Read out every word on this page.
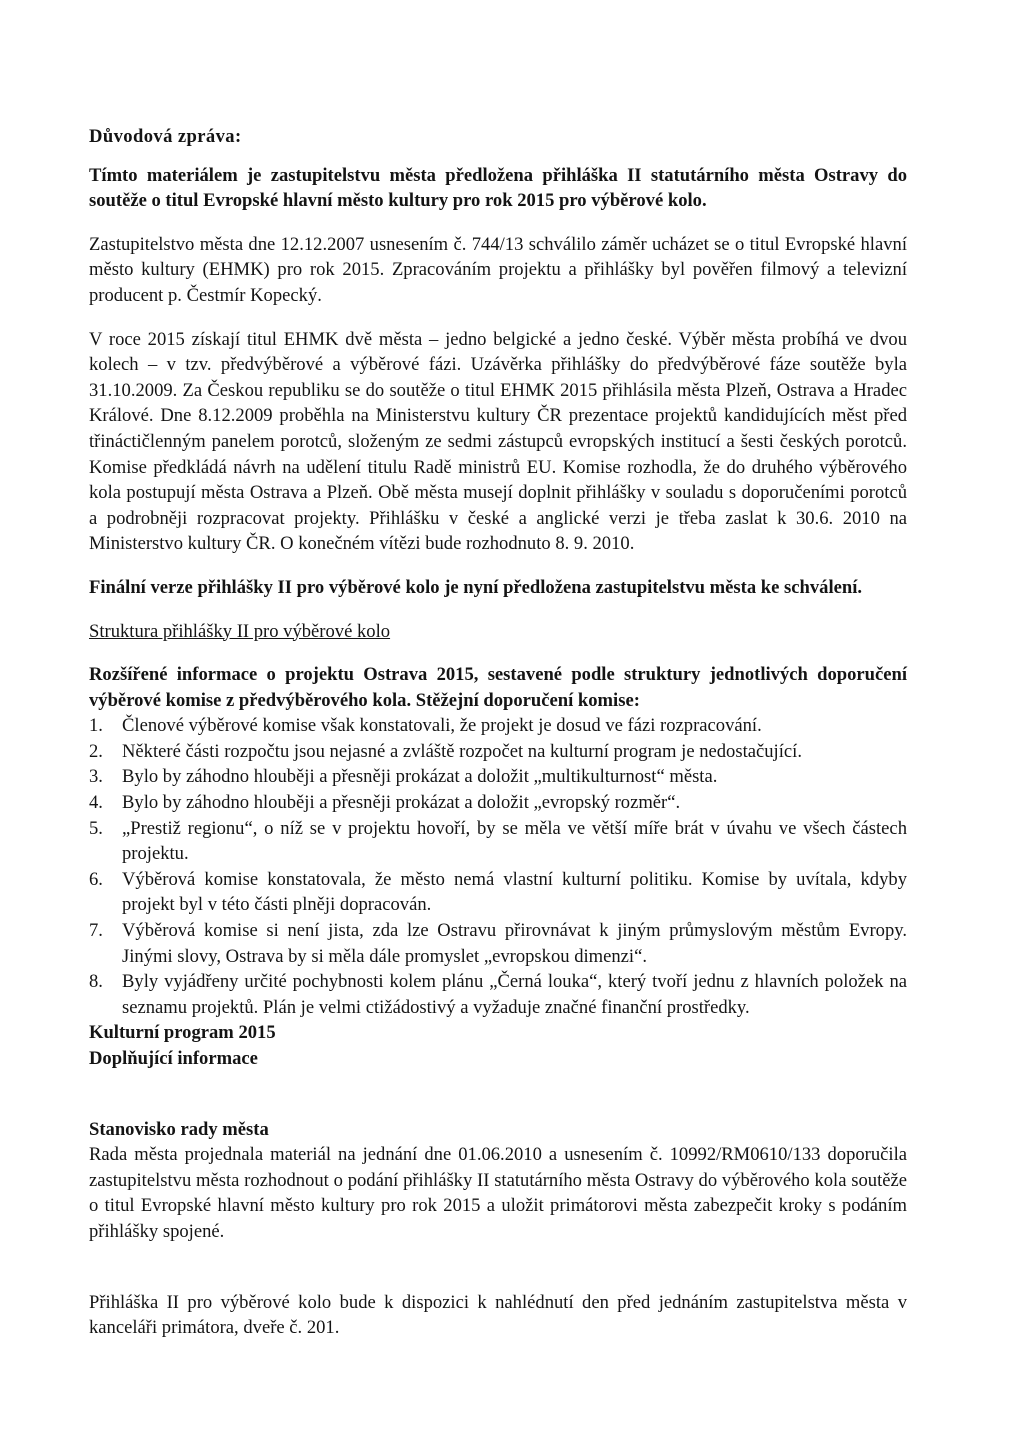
Důvodová zpráva:

Tímto materiálem je zastupitelstvu města předložena přihláška II statutárního města Ostravy do soutěže o titul Evropské hlavní město kultury pro rok 2015 pro výběrové kolo.

Zastupitelstvo města dne 12.12.2007 usnesením č. 744/13 schválilo záměr ucházet se o titul Evropské hlavní město kultury (EHMK) pro rok 2015. Zpracováním projektu a přihlášky byl pověřen filmový a televizní producent p. Čestmír Kopecký.

V roce 2015 získají titul EHMK dvě města – jedno belgické a jedno české. Výběr města probíhá ve dvou kolech – v tzv. předvýběrové a výběrové fázi. Uzávěrka přihlášky do předvýběrové fáze soutěže byla 31.10.2009. Za Českou republiku se do soutěže o titul EHMK 2015 přihlásila města Plzeň, Ostrava a Hradec Králové. Dne 8.12.2009 proběhla na Ministerstvu kultury ČR prezentace projektů kandidujících měst před třináctičlenným panelem porotců, složeným ze sedmi zástupců evropských institucí a šesti českých porotců. Komise předkládá návrh na udělení titulu Radě ministrů EU. Komise rozhodla, že do druhého výběrového kola postupují města Ostrava a Plzeň. Obě města musejí doplnit přihlášky v souladu s doporučeními porotců a podrobněji rozpracovat projekty. Přihlášku v české a anglické verzi je třeba zaslat k 30.6. 2010 na Ministerstvo kultury ČR. O konečném vítězi bude rozhodnuto 8. 9. 2010.

Finální verze přihlášky II pro výběrové kolo je nyní předložena zastupitelstvu města ke schválení.

Struktura přihlášky II pro výběrové kolo

Rozšířené informace o projektu Ostrava 2015, sestavené podle struktury jednotlivých doporučení výběrové komise z předvýběrového kola. Stěžejní doporučení komise:

1.	Členové výběrové komise však konstatovali, že projekt je dosud ve fázi rozpracování.
2.	Některé části rozpočtu jsou nejasné a zvláště rozpočet na kulturní program je nedostačující.
3.	Bylo by záhodno hlouběji a přesněji prokázat a doložit „multikulturnost“ města.
4.	Bylo by záhodno hlouběji a přesněji prokázat a doložit „evropský rozměr“.
5.	„Prestiž regionu“, o níž se v projektu hovoří, by se měla ve větší míře brát v úvahu ve všech částech projektu.
6.	Výběrová komise konstatovala, že město nemá vlastní kulturní politiku. Komise by uvítala, kdyby projekt byl v této části plněji dopracován.
7.	Výběrová komise si není jista, zda lze Ostravu přirovnávat k jiným průmyslovým městům Evropy. Jinými slovy, Ostrava by si měla dále promyslet „evropskou dimenzi“.
8.	Byly vyjádřeny určité pochybnosti kolem plánu „Černá louka“, který tvoří jednu z hlavních položek na seznamu projektů. Plán je velmi ctižádostivý a vyžaduje značné finanční prostředky.

Kulturní program 2015

Doplňující informace

Stanovisko rady města

Rada města projednala materiál na jednání dne 01.06.2010 a usnesením č. 10992/RM0610/133 doporučila zastupitelstvu města rozhodnout o podání přihlášky II statutárního města Ostravy do výběrového kola soutěže o titul Evropské hlavní město kultury pro rok 2015 a uložit primátorovi města zabezpečit kroky s podáním přihlášky spojené.

Přihláška II pro výběrové kolo bude k dispozici k nahlédnutí den před jednáním zastupitelstva města v kanceláři primátora, dveře č. 201.
